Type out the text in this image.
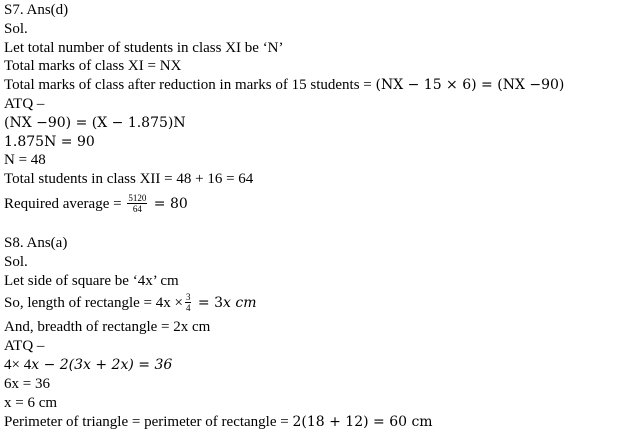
S7. Ans(d)
Sol.
Let total number of students in class XI be ‘N’
Total marks of class XI = NX
Total marks of class after reduction in marks of 15 students = (NX − 15 × 6) = (NX −90)
ATQ –
(NX −90) = (X − 1.875)N
1.875N = 90
N = 48
Total students in class XII = 48 + 16 = 64
Required average = $\frac{5120}{64} = 80$
S8. Ans(a)
Sol.
Let side of square be ‘4x’ cm
So, length of rectangle = $4x \times \frac{3}{4} = 3x$ cm
And, breadth of rectangle = 2x cm
ATQ –
4× 4x − 2(3x + 2x) = 36
6x = 36
x = 6 cm
Perimeter of triangle = perimeter of rectangle = 2(18 + 12) = 60 cm
